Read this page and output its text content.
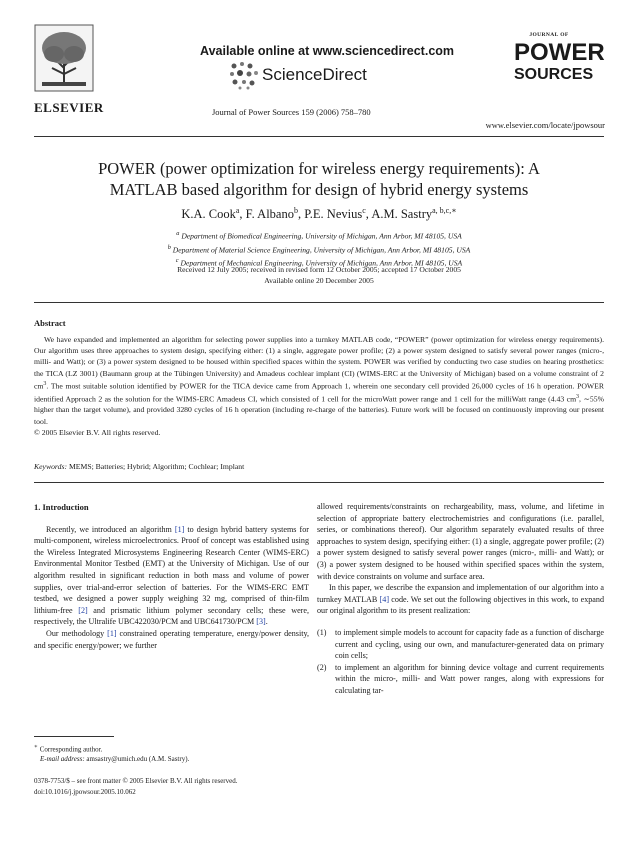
ELSEVIER
Available online at www.sciencedirect.com
ScienceDirect
Journal of Power Sources 159 (2006) 758–780
JOURNAL OF
POWER
SOURCES
www.elsevier.com/locate/jpowsour
POWER (power optimization for wireless energy requirements): A
MATLAB based algorithm for design of hybrid energy systems
K.A. Cook$^a$, F. Albano$^b$, P.E. Nevius$^c$, A.M. Sastry$^{a, b,c,∗}$
$^a$ Department of Biomedical Engineering, University of Michigan, Ann Arbor, MI 48105, USA
$^b$ Department of Material Science Engineering, University of Michigan, Ann Arbor, MI 48105, USA
$^c$ Department of Mechanical Engineering, University of Michigan, Ann Arbor, MI 48105, USA
Received 12 July 2005; received in revised form 12 October 2005; accepted 17 October 2005
Available online 20 December 2005
Abstract

We have expanded and implemented an algorithm for selecting power supplies into a turnkey MATLAB code, “POWER” (power optimization for wireless energy requirements). Our algorithm uses three approaches to system design, specifying either: (1) a single, aggregate power profile; (2) a power system designed to satisfy several power ranges (micro-, milli- and Watt); or (3) a power system designed to be housed within specified spaces within the system. POWER was verified by conducting two case studies on hearing prosthetics: the TICA (LZ 3001) (Baumann group at the Tübingen University) and Amadeus cochlear implant (CI) (WIMS-ERC at the University of Michigan) based on a volume constraint of 2 $cm^3$. The most suitable solution identified by POWER for the TICA device came from Approach 1, wherein one secondary cell provided 26,000 cycles of 16 h operation. POWER identified Approach 2 as the solution for the WIMS-ERC Amadeus CI, which consisted of 1 cell for the microWatt power range and 1 cell for the milliWatt range (4.43 $cm^3$, ∼55% higher than the target volume), and provided 3280 cycles of 16 h operation (including re-charge of the batteries). Future work will be focused on continuously improving our present tool.

© 2005 Elsevier B.V. All rights reserved.
Keywords: MEMS; Batteries; Hybrid; Algorithm; Cochlear; Implant
1. Introduction

Recently, we introduced an algorithm [1] to design hybrid battery systems for multi-component, wireless microelectronics. Proof of concept was established using the Wireless Integrated Microsystems Engineering Research Center (WIMS-ERC) Environmental Monitor Testbed (EMT) at the University of Michigan. Use of our algorithm resulted in significant reduction in both mass and volume of power supplies, over trial-and-error selection of batteries. For the WIMS-ERC EMT testbed, we designed a power supply weighing 32 mg, comprised of thin-film lithium-free [2] and prismatic lithium polymer secondary cells; these were, respectively, the Ultralife UBC422030/PCM and UBC641730/PCM [3].

Our methodology [1] constrained operating temperature, energy/power density, and specific energy/power; we further

allowed requirements/constraints on rechargeability, mass, volume, and lifetime in selection of appropriate battery electrochemistries and configurations (i.e. parallel, series, or combinations thereof). Our algorithm separately evaluated results of three approaches to system design, specifying either: (1) a single, aggregate power profile; (2) a power system designed to satisfy several power ranges (micro-, milli- and Watt); or (3) a power system designed to be housed within specified spaces within the system, with device constraints on volume and surface area.

In this paper, we describe the expansion and implementation of our algorithm into a turnkey MATLAB [4] code. We set out the following objectives in this work, to expand our original algorithm to its present realization:

(1)	to implement simple models to account for capacity fade as a function of discharge current and cycling, using our own, and manufacturer-generated data on primary coin cells;
(2)	to implement an algorithm for binning device voltage and current requirements within the micro-, milli- and Watt power ranges, along with expressions for calculating tar-
∗ Corresponding author.
E-mail address: amsastry@umich.edu (A.M. Sastry).
0378-7753/$ – see front matter © 2005 Elsevier B.V. All rights reserved.
doi:10.1016/j.jpowsour.2005.10.062
